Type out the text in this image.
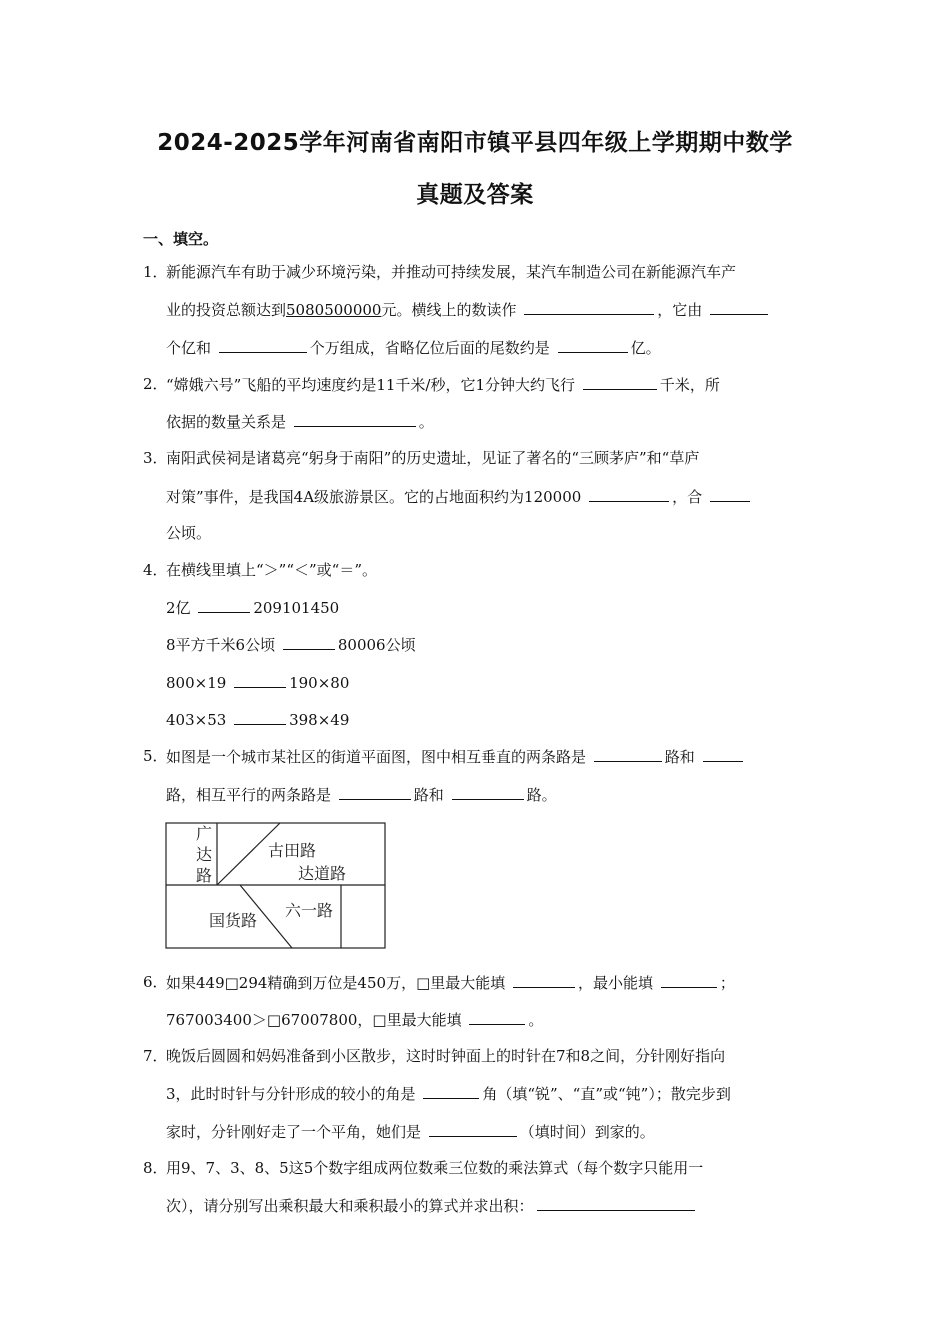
2024-2025学年河南省南阳市镇平县四年级上学期期中数学
真题及答案
一、填空。
1．
新能源汽车有助于减少环境污染，并推动可持续发展，某汽车制造公司在新能源汽车产
业的投资总额达到5080500000元。横线上的数读作	，它由
个亿和	个万组成，省略亿位后面的尾数约是	亿。
2．
“嫦娥六号”飞船的平均速度约是11千米/秒，它1分钟大约飞行	千米，所
依据的数量关系是	。
3．
南阳武侯祠是诸葛亮“躬身于南阳”的历史遗址，见证了著名的“三顾茅庐”和“草庐
对策”事件，是我国4A级旅游景区。它的占地面积约为120000	，合
公顷。
4．
在横线里填上“＞”“＜”或“＝”。
2亿	209101450
8平方千米6公顷	80006公顷
800×19	190×80
403×53	398×49
5．
如图是一个城市某社区的街道平面图，图中相互垂直的两条路是	路和
路，相互平行的两条路是	路和	路。
广
达
路
古田路
达道路
国货路
六一路
6．
如果449□294精确到万位是450万，□里最大能填	，最小能填	；
767003400＞□67007800，□里最大能填	。
7．
晚饭后圆圆和妈妈准备到小区散步，这时时钟面上的时针在7和8之间，分针刚好指向
3，此时时针与分针形成的较小的角是	角（填“锐”、“直”或“钝”）；散完步到
家时，分针刚好走了一个平角，她们是	（填时间）到家的。
8．
用9、7、3、8、5这5个数字组成两位数乘三位数的乘法算式（每个数字只能用一
次），请分别写出乘积最大和乘积最小的算式并求出积：
